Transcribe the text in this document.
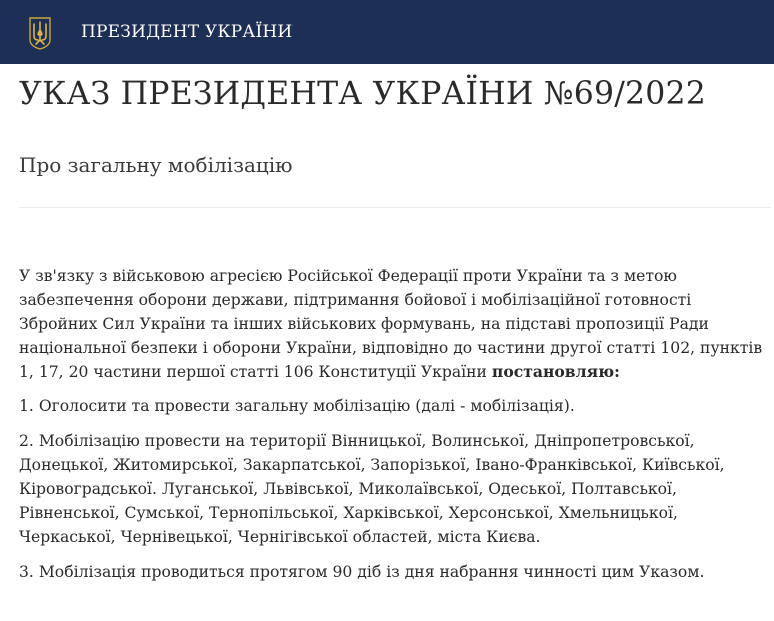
ПРЕЗИДЕНТ УКРАЇНИ
УКАЗ ПРЕЗИДЕНТА УКРАЇНИ №69/2022
Про загальну мобілізацію

У зв'язку з військовою агресією Російської Федерації проти України та з метою забезпечення оборони держави, підтримання бойової і мобілізаційної готовності Збройних Сил України та інших військових формувань, на підставі пропозиції Ради національної безпеки і оборони України, відповідно до частини другої статті 102, пунктів 1, 17, 20 частини першої статті 106 Конституції України постановляю:

1. Оголосити та провести загальну мобілізацію (далі - мобілізація).

2. Мобілізацію провести на території Вінницької, Волинської, Дніпропетровської, Донецької, Житомирської, Закарпатської, Запорізької, Івано-Франківської, Київської, Кіровоградської. Луганської, Львівської, Миколаївської, Одеської, Полтавської, Рівненської, Сумської, Тернопільської, Харківської, Херсонської, Хмельницької, Черкаської, Чернівецької, Чернігівської областей, міста Києва.

3. Мобілізація проводиться протягом 90 діб із дня набрання чинності цим Указом.
